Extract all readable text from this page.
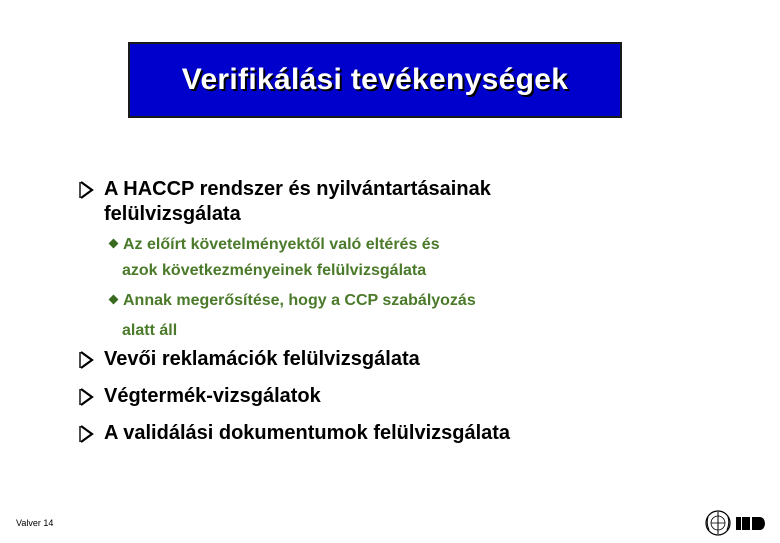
Verifikálási tevékenységek
A HACCP rendszer és nyilvántartásainak
felülvizsgálata
Az előírt követelményektől való eltérés és
azok következményeinek felülvizsgálata
Annak megerősítése, hogy a CCP szabályozás
alatt áll
Vevői reklamációk felülvizsgálata
Végtermék-vizsgálatok
A validálási dokumentumok felülvizsgálata
Valver 14
